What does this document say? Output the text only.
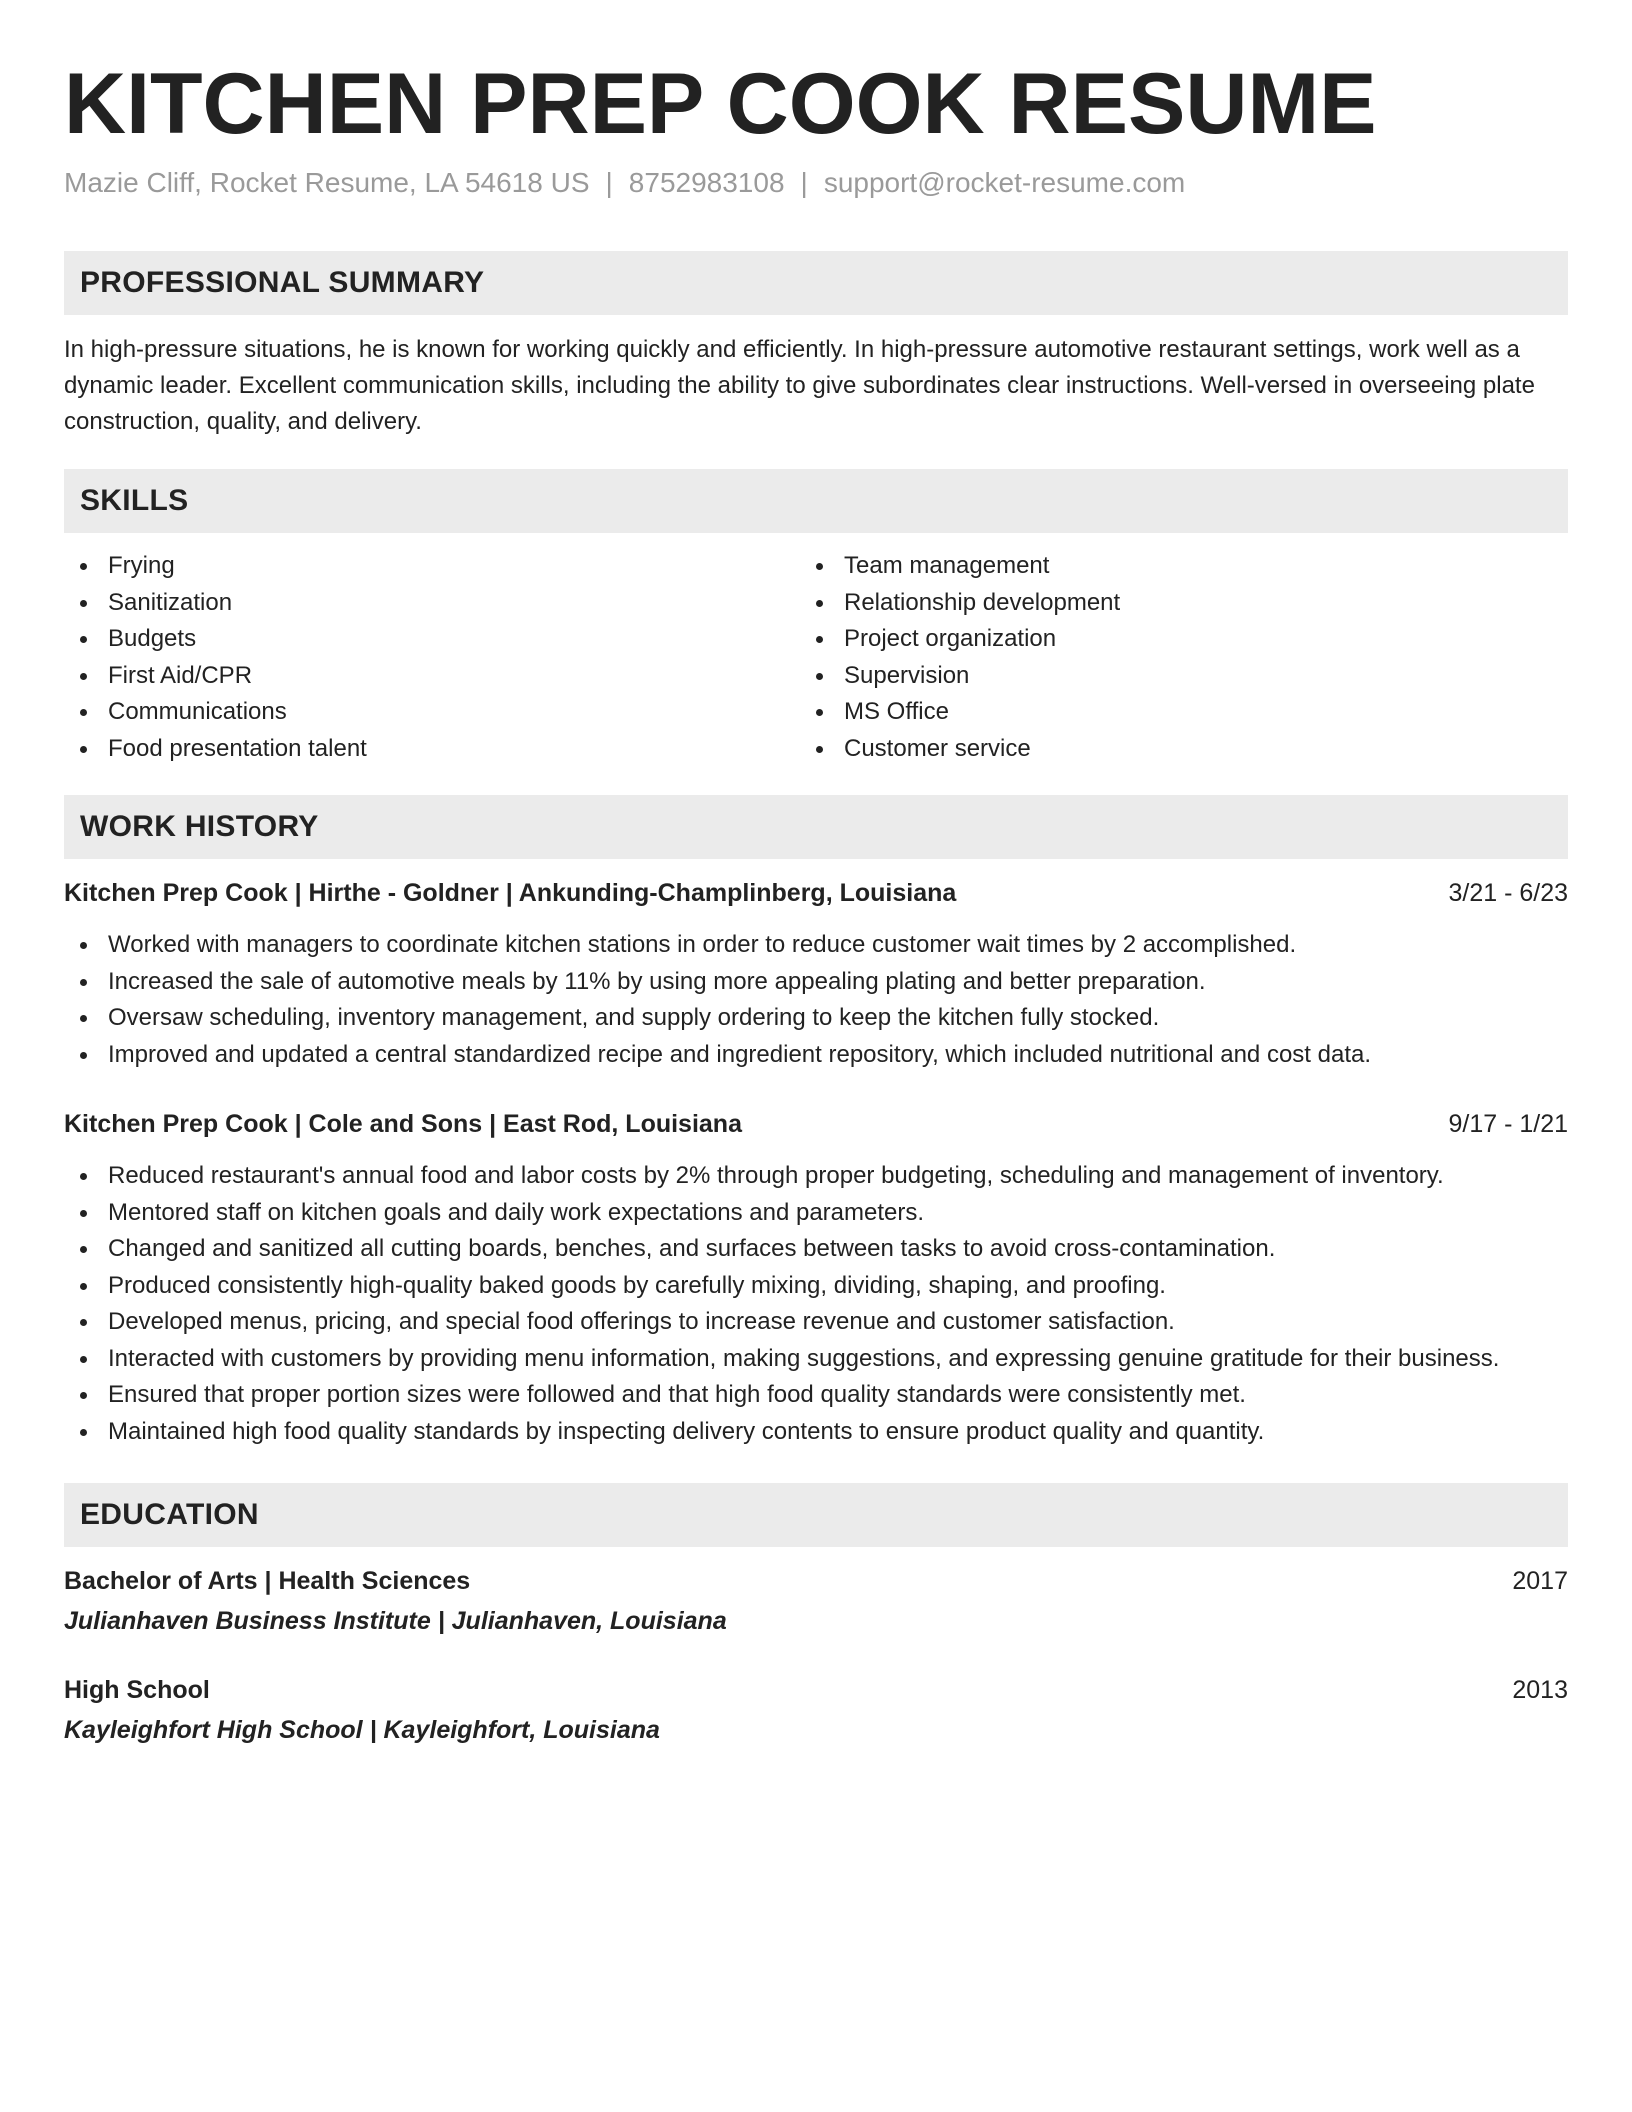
KITCHEN PREP COOK RESUME
Mazie Cliff, Rocket Resume, LA 54618 US | 8752983108 | support@rocket-resume.com
PROFESSIONAL SUMMARY
In high-pressure situations, he is known for working quickly and efficiently. In high-pressure automotive restaurant settings, work well as a dynamic leader. Excellent communication skills, including the ability to give subordinates clear instructions. Well-versed in overseeing plate construction, quality, and delivery.
SKILLS
Frying
Sanitization
Budgets
First Aid/CPR
Communications
Food presentation talent
Team management
Relationship development
Project organization
Supervision
MS Office
Customer service
WORK HISTORY
Kitchen Prep Cook | Hirthe - Goldner | Ankunding-Champlinberg, Louisiana	3/21 - 6/23
Worked with managers to coordinate kitchen stations in order to reduce customer wait times by 2 accomplished.
Increased the sale of automotive meals by 11% by using more appealing plating and better preparation.
Oversaw scheduling, inventory management, and supply ordering to keep the kitchen fully stocked.
Improved and updated a central standardized recipe and ingredient repository, which included nutritional and cost data.
Kitchen Prep Cook | Cole and Sons | East Rod, Louisiana	9/17 - 1/21
Reduced restaurant's annual food and labor costs by 2% through proper budgeting, scheduling and management of inventory.
Mentored staff on kitchen goals and daily work expectations and parameters.
Changed and sanitized all cutting boards, benches, and surfaces between tasks to avoid cross-contamination.
Produced consistently high-quality baked goods by carefully mixing, dividing, shaping, and proofing.
Developed menus, pricing, and special food offerings to increase revenue and customer satisfaction.
Interacted with customers by providing menu information, making suggestions, and expressing genuine gratitude for their business.
Ensured that proper portion sizes were followed and that high food quality standards were consistently met.
Maintained high food quality standards by inspecting delivery contents to ensure product quality and quantity.
EDUCATION
Bachelor of Arts | Health Sciences	2017
Julianhaven Business Institute | Julianhaven, Louisiana
High School	2013
Kayleighfort High School | Kayleighfort, Louisiana
